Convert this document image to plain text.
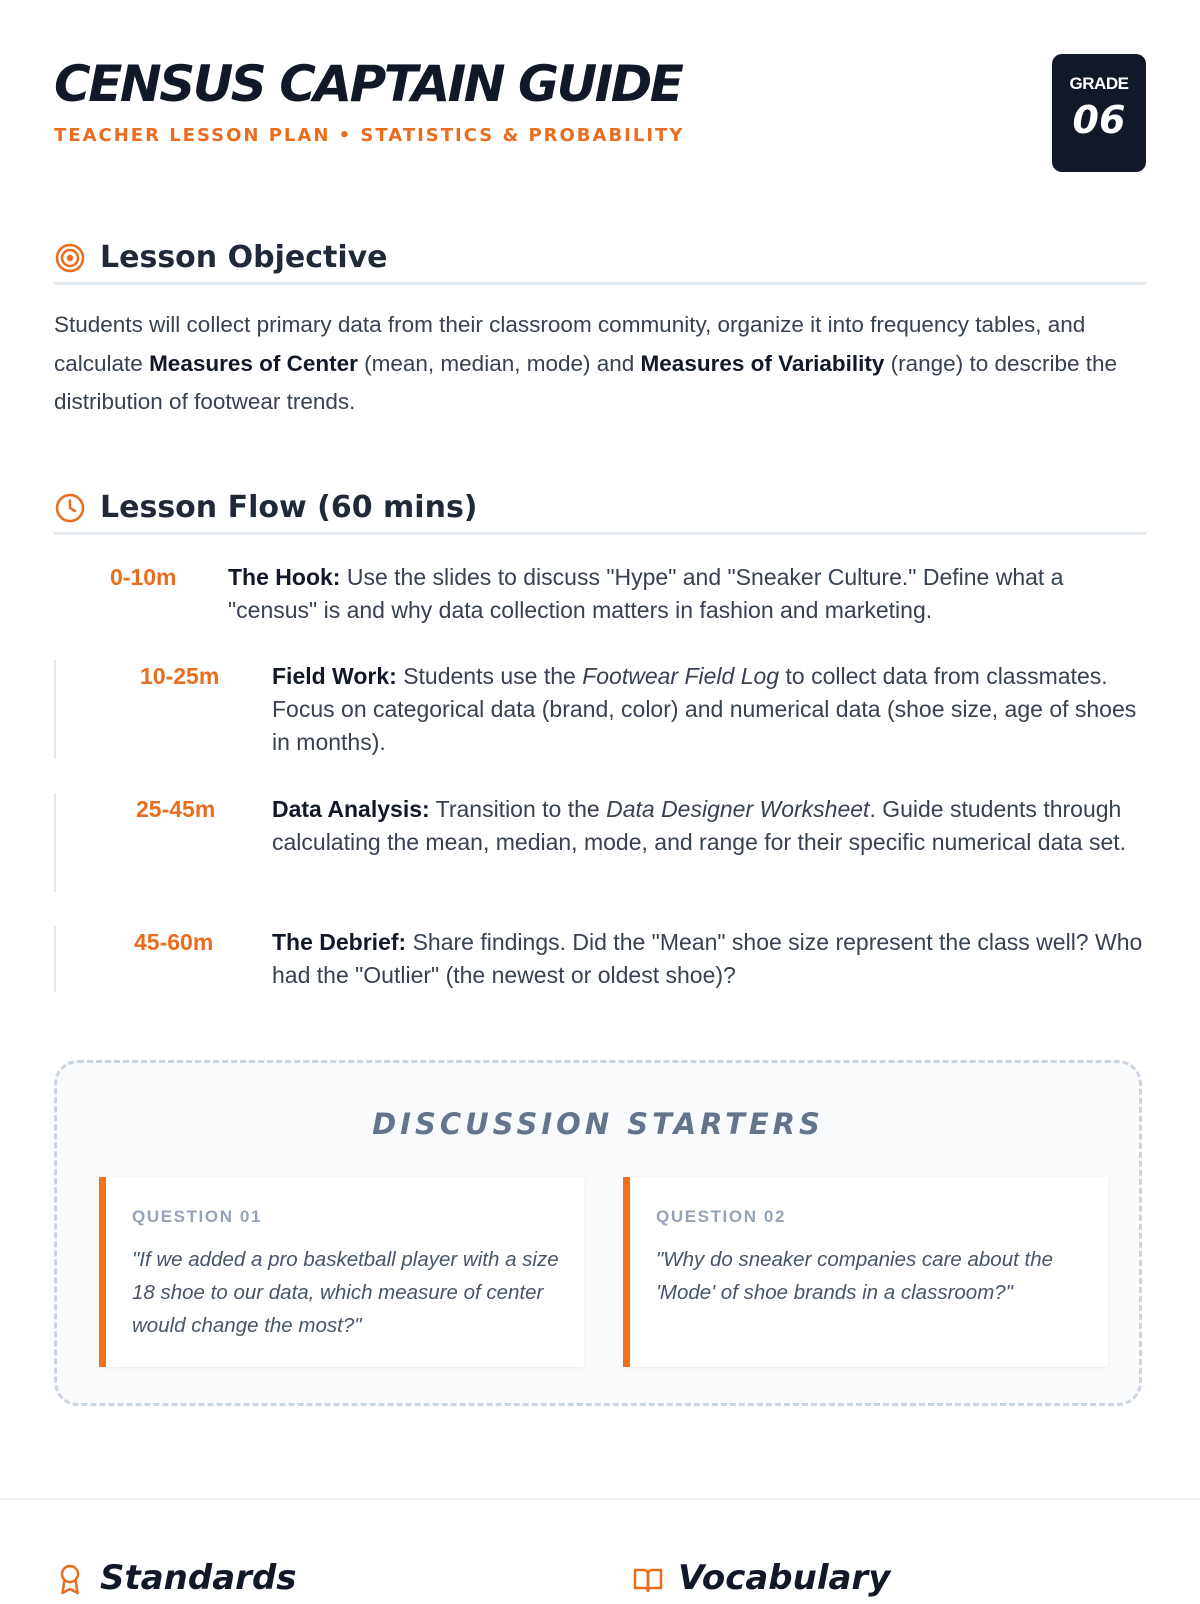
CENSUS CAPTAIN GUIDE
TEACHER LESSON PLAN • STATISTICS & PROBABILITY
GRADE
06
Lesson Objective

Students will collect primary data from their classroom community, organize it into frequency tables, and calculate Measures of Center (mean, median, mode) and Measures of Variability (range) to describe the distribution of footwear trends.

Lesson Flow (60 mins)
0-10m The Hook: Use the slides to discuss "Hype" and "Sneaker Culture." Define what a "census" is and why data collection matters in fashion and marketing.

10-25m Field Work: Students use the Footwear Field Log to collect data from classmates. Focus on categorical data (brand, color) and numerical data (shoe size, age of shoes in months).

25-45m Data Analysis: Transition to the Data Designer Worksheet. Guide students through calculating the mean, median, mode, and range for their specific numerical data set.

45-60m	The Debrief: Share findings. Did the "Mean" shoe size represent the class well? Who had the "Outlier" (the newest or oldest shoe)?

DISCUSSION STARTERS
QUESTION 01

"If we added a pro basketball player with a size 18 shoe to our data, which measure of center would change the most?"

QUESTION 02

"Why do sneaker companies care about the 'Mode' of shoe brands in a classroom?"

Standards	Vocabulary
